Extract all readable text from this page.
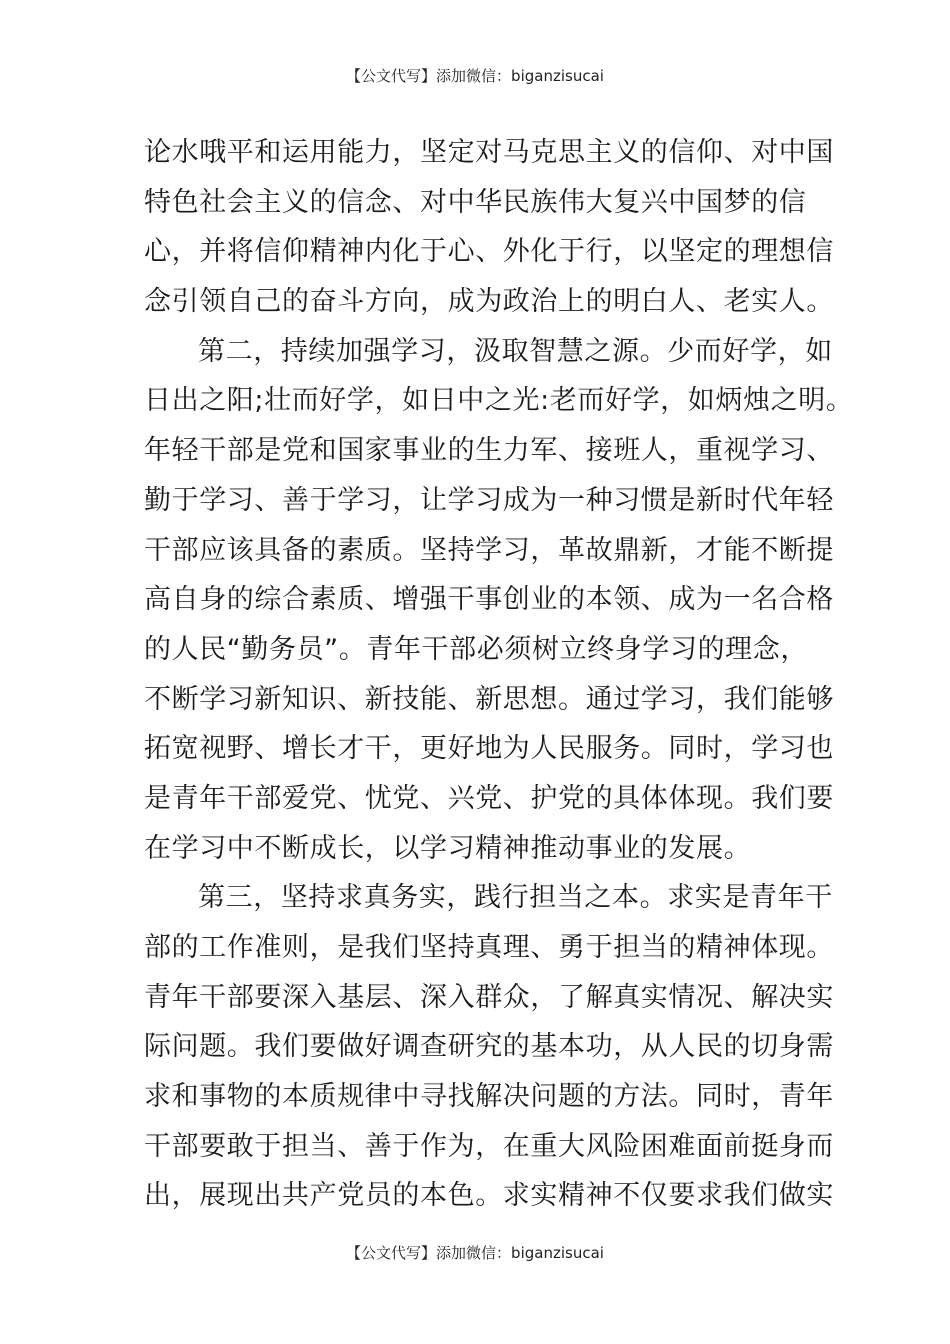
【公文代写】添加微信：biganzisucai
论水哦平和运用能力，坚定对马克思主义的信仰、对中国
特色社会主义的信念、对中华民族伟大复兴中国梦的信
心，并将信仰精神内化于心、外化于行，以坚定的理想信
念引领自己的奋斗方向，成为政治上的明白人、老实人。
第二，持续加强学习，汲取智慧之源。少而好学，如
日出之阳;壮而好学，如日中之光:老而好学，如炳烛之明。
年轻干部是党和国家事业的生力军、接班人，重视学习、
勤于学习、善于学习，让学习成为一种习惯是新时代年轻
干部应该具备的素质。坚持学习，革故鼎新，才能不断提
高自身的综合素质、增强干事创业的本领、成为一名合格
的人民“勤务员”。青年干部必须树立终身学习的理念，
不断学习新知识、新技能、新思想。通过学习，我们能够
拓宽视野、增长才干，更好地为人民服务。同时，学习也
是青年干部爱党、忧党、兴党、护党的具体体现。我们要
在学习中不断成长，以学习精神推动事业的发展。
第三，坚持求真务实，践行担当之本。求实是青年干
部的工作准则，是我们坚持真理、勇于担当的精神体现。
青年干部要深入基层、深入群众，了解真实情况、解决实
际问题。我们要做好调查研究的基本功，从人民的切身需
求和事物的本质规律中寻找解决问题的方法。同时，青年
干部要敢于担当、善于作为，在重大风险困难面前挺身而
出，展现出共产党员的本色。求实精神不仅要求我们做实
【公文代写】添加微信：biganzisucai
